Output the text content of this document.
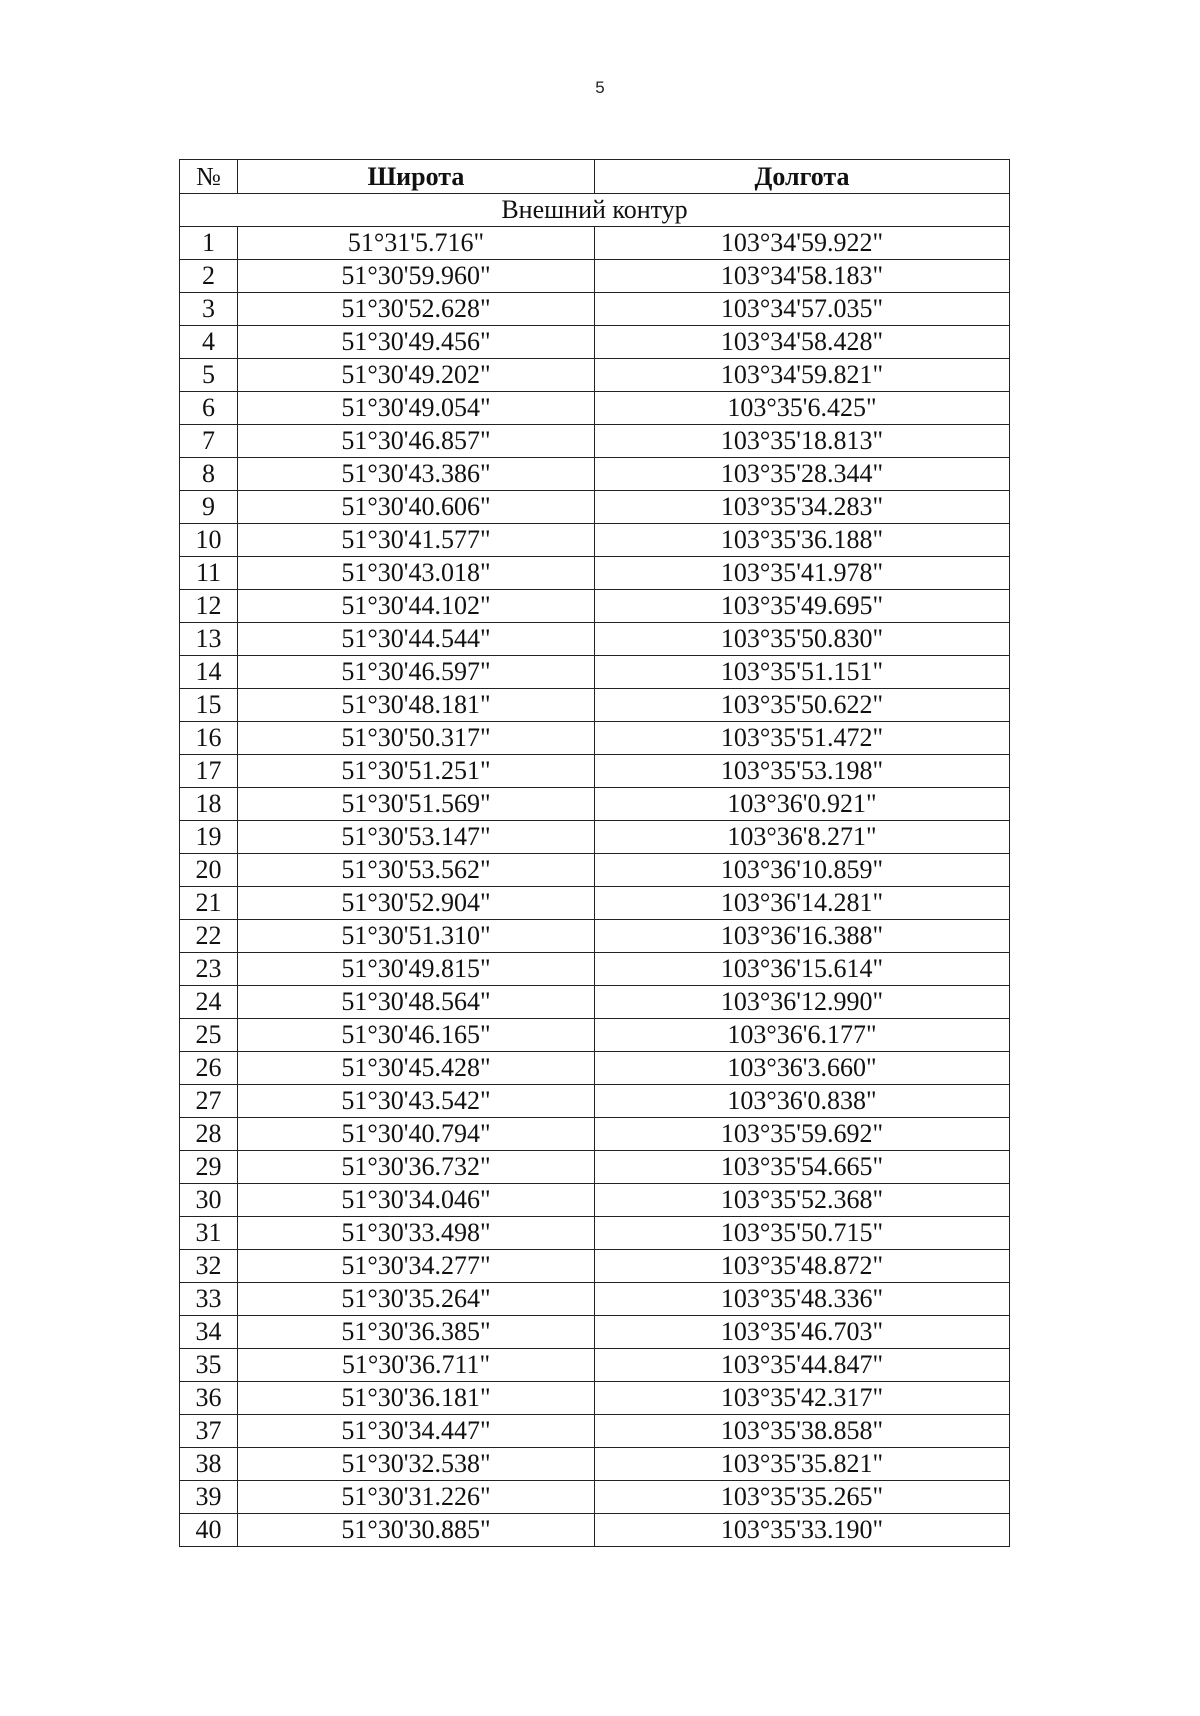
5
№	Широта	Долгота
Внешний контур		
1	51°31'5.716"	103°34'59.922"
2	51°30'59.960"	103°34'58.183"
3	51°30'52.628"	103°34'57.035"
4	51°30'49.456"	103°34'58.428"
5	51°30'49.202"	103°34'59.821"
6	51°30'49.054"	103°35'6.425"
7	51°30'46.857"	103°35'18.813"
8	51°30'43.386"	103°35'28.344"
9	51°30'40.606"	103°35'34.283"
10	51°30'41.577"	103°35'36.188"
11	51°30'43.018"	103°35'41.978"
12	51°30'44.102"	103°35'49.695"
13	51°30'44.544"	103°35'50.830"
14	51°30'46.597"	103°35'51.151"
15	51°30'48.181"	103°35'50.622"
16	51°30'50.317"	103°35'51.472"
17	51°30'51.251"	103°35'53.198"
18	51°30'51.569"	103°36'0.921"
19	51°30'53.147"	103°36'8.271"
20	51°30'53.562"	103°36'10.859"
21	51°30'52.904"	103°36'14.281"
22	51°30'51.310"	103°36'16.388"
23	51°30'49.815"	103°36'15.614"
24	51°30'48.564"	103°36'12.990"
25	51°30'46.165"	103°36'6.177"
26	51°30'45.428"	103°36'3.660"
27	51°30'43.542"	103°36'0.838"
28	51°30'40.794"	103°35'59.692"
29	51°30'36.732"	103°35'54.665"
30	51°30'34.046"	103°35'52.368"
31	51°30'33.498"	103°35'50.715"
32	51°30'34.277"	103°35'48.872"
33	51°30'35.264"	103°35'48.336"
34	51°30'36.385"	103°35'46.703"
35	51°30'36.711"	103°35'44.847"
36	51°30'36.181"	103°35'42.317"
37	51°30'34.447"	103°35'38.858"
38	51°30'32.538"	103°35'35.821"
39	51°30'31.226"	103°35'35.265"
40	51°30'30.885"	103°35'33.190"
